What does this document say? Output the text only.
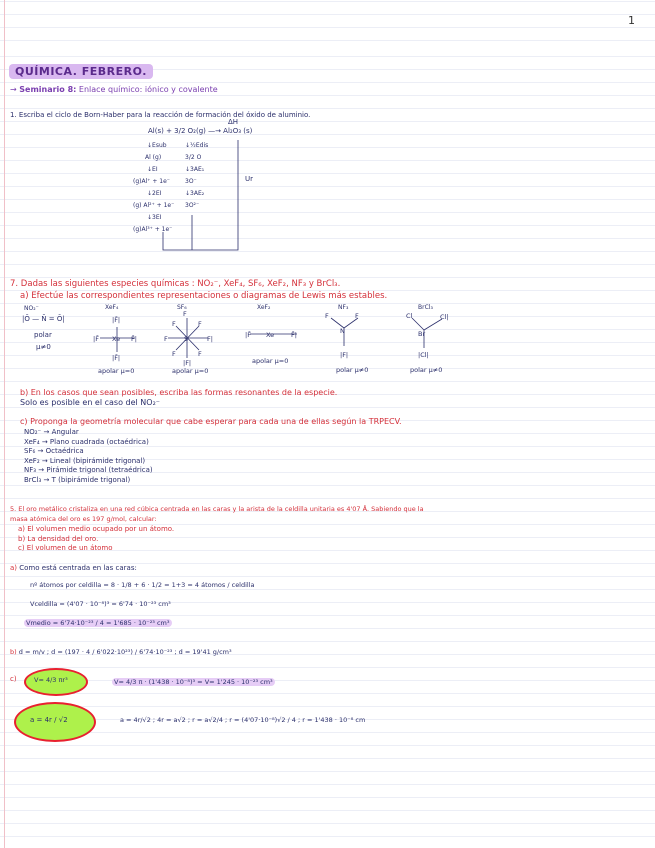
1
QUÍMICA. FEBRERO.
→ Seminario 8: Enlace químico: iónico y covalente
1. Escriba el ciclo de Born-Haber para la reacción de formación del óxido de aluminio.
Al(s) + 3/2 O₂(g) —→ Al₂O₃ (s)
ΔH
↓Esub
Al (g)
↓EI
(g)Al⁺ + 1e⁻
↓2EI
(g) Al²⁺ + 1e⁻
↓3EI
(g)Al³⁺ + 1e⁻
↓½Edis
3/2 O
↓3AE₁
3O⁻
↓3AE₂
3O²⁻
Ur
7. Dadas las siguientes especies químicas : NO₂⁻, XeF₄, SF₆, XeF₂, NF₃ y BrCl₃.
a) Efectúe las correspondientes representaciones o diagramas de Lewis más estables.
NO₂⁻	XeF₄	SF₆	XeF₂	NF₃	BrCl₃
|Ō — N̄ = Ō|
polar
μ≠0
|F̄|
|F̄|
|F̄ Xe F̄|
F
|F|
F	F|
S
F	F
F	F
|F̄ Xe	F̄|	N
F	F
|F|
Br
Cl	Cl|
|Cl|
apolar μ=0	apolar μ=0
apolar μ=0
polar μ≠0	polar μ≠0
b) En los casos que sean posibles, escriba las formas resonantes de la especie.
Solo es posible en el caso del NO₂⁻
c) Proponga la geometría molecular que cabe esperar para cada una de ellas según la TRPECV.
NO₂⁻ → Angular
XeF₄ → Plano cuadrada (octaédrica)
SF₆ → Octaédrica
XeF₂ → Lineal (bipirámide trigonal)
NF₃ → Pirámide trigonal (tetraédrica)
BrCl₃ → T (bipirámide trigonal)
5. El oro metálico cristaliza en una red cúbica centrada en las caras y la arista de la celdilla unitaria es 4'07 Å. Sabiendo que la
masa atómica del oro es 197 g/mol, calcular:
a) El volumen medio ocupado por un átomo.
b) La densidad del oro.
c) El volumen de un átomo
a) Como está centrada en las caras:
nº átomos por celdilla = 8 · 1/8 + 6 · 1/2 = 1+3 = 4 átomos / celdilla
Vceldilla = (4'07 · 10⁻⁸)³ = 6'74 · 10⁻²³ cm³
Vmedio = 6'74·10⁻²³ / 4 = 1'685 · 10⁻²³ cm³
b) d = m/v ; d = (197 · 4 / 6'022·10²³) / 6'74·10⁻²³ ; d = 19'41 g/cm³
c)	V= 4/3 πr³	V= 4/3 π · (1'438 · 10⁻⁸)³ = V= 1'245 · 10⁻²³ cm³
a = 4r / √2	a = 4r/√2 ; 4r = a√2 ; r = a√2/4 ; r = (4'07·10⁻⁸)√2 / 4 ; r = 1'438 · 10⁻⁸ cm
